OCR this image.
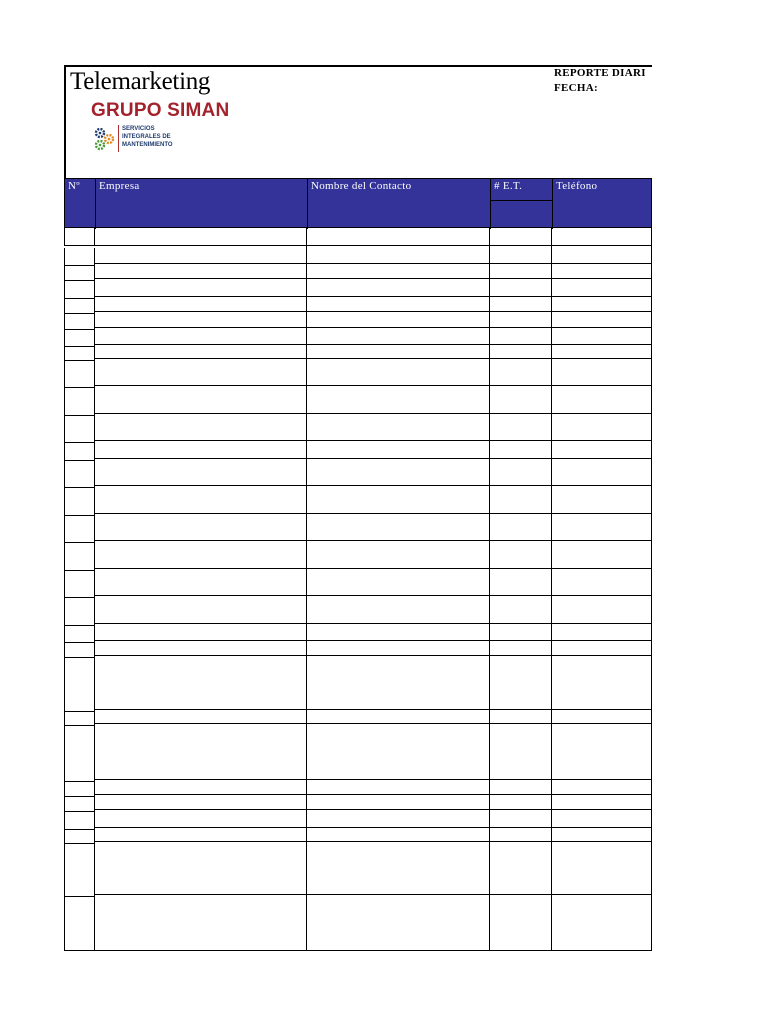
Telemarketing
GRUPO SIMAN
SERVICIOS
INTEGRALES DE
MANTENIMIENTO
REPORTE DIARI
FECHA:
Nº	Empresa	Nombre del Contacto	# E.T.	Teléfono
